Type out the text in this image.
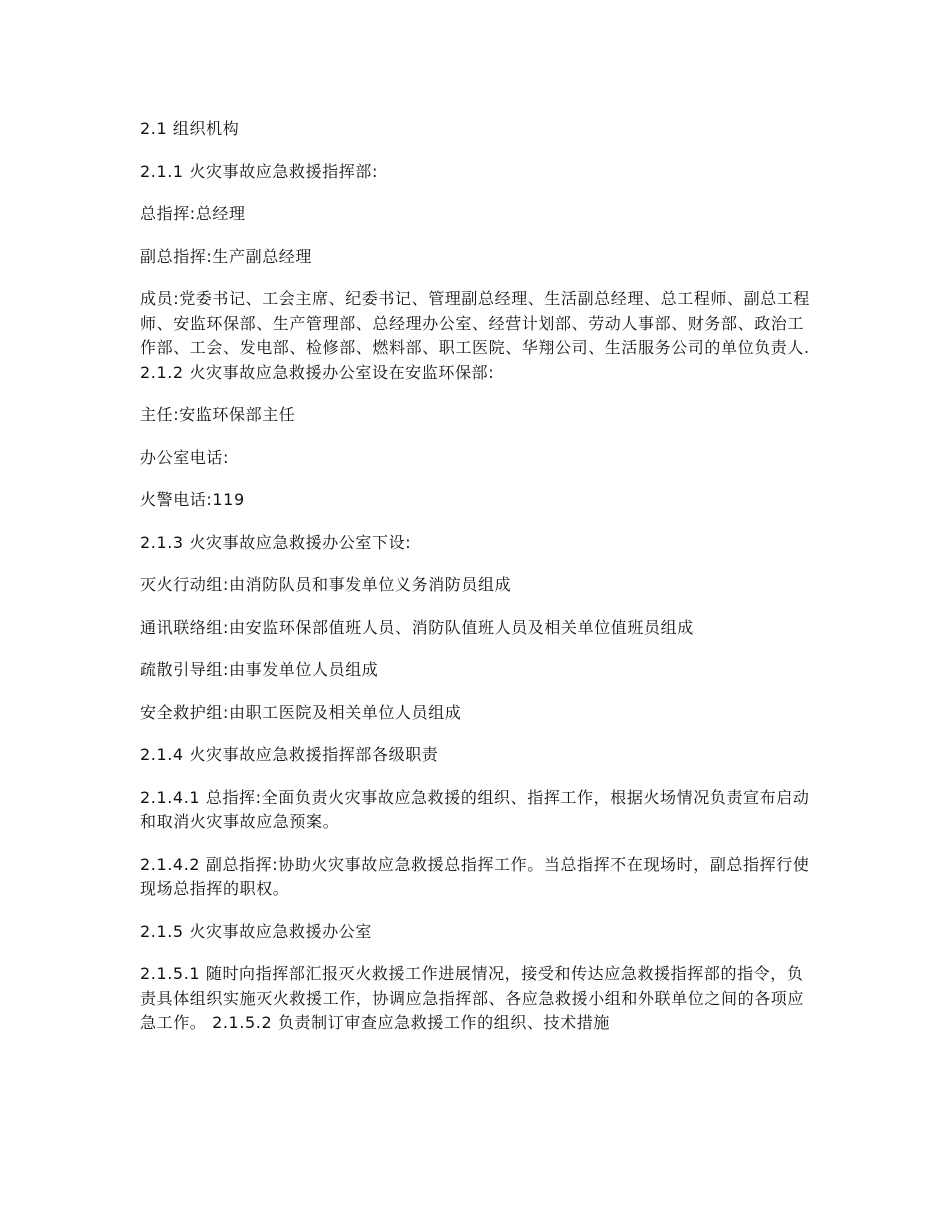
2.1 组织机构

2.1.1 火灾事故应急救援指挥部:

总指挥:总经理

副总指挥:生产副总经理

成员:党委书记、工会主席、纪委书记、管理副总经理、生活副总经理、总工程师、副总工程师、安监环保部、生产管理部、总经理办公室、经营计划部、劳动人事部、财务部、政治工作部、工会、发电部、检修部、燃料部、职工医院、华翔公司、生活服务公司的单位负责人. 2.1.2 火灾事故应急救援办公室设在安监环保部:

主任:安监环保部主任

办公室电话:

火警电话:119

2.1.3 火灾事故应急救援办公室下设:

灭火行动组:由消防队员和事发单位义务消防员组成

通讯联络组:由安监环保部值班人员、消防队值班人员及相关单位值班员组成

疏散引导组:由事发单位人员组成

安全救护组:由职工医院及相关单位人员组成

2.1.4 火灾事故应急救援指挥部各级职责

2.1.4.1 总指挥:全面负责火灾事故应急救援的组织、指挥工作，根据火场情况负责宣布启动和取消火灾事故应急预案。

2.1.4.2 副总指挥:协助火灾事故应急救援总指挥工作。当总指挥不在现场时，副总指挥行使现场总指挥的职权。

2.1.5 火灾事故应急救援办公室

2.1.5.1 随时向指挥部汇报灭火救援工作进展情况，接受和传达应急救援指挥部的指令，负责具体组织实施灭火救援工作，协调应急指挥部、各应急救援小组和外联单位之间的各项应急工作。 2.1.5.2 负责制订审查应急救援工作的组织、技术措施
